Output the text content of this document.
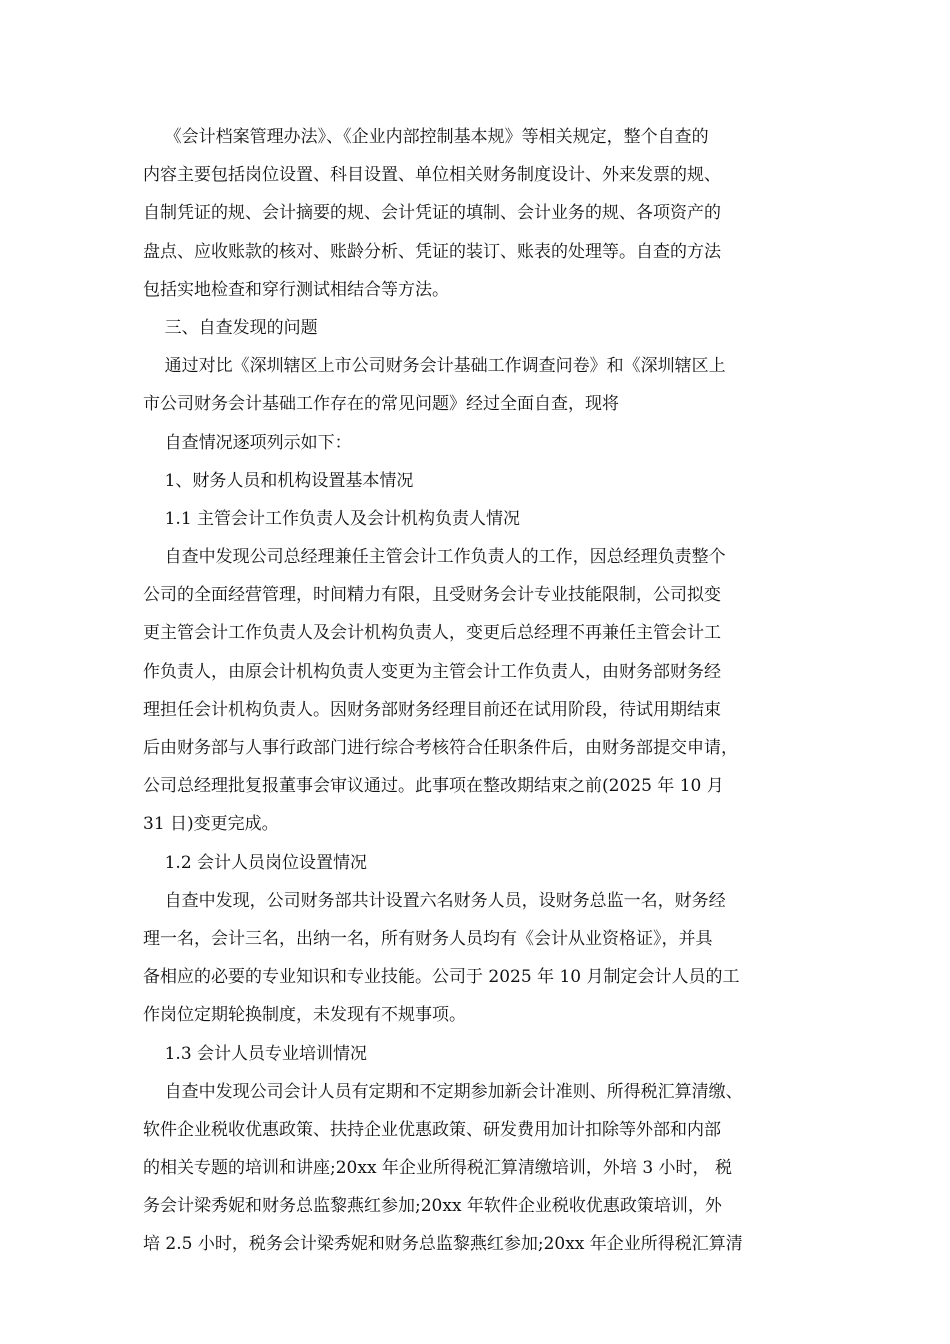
《会计档案管理办法》、《企业内部控制基本规》等相关规定，整个自查的
内容主要包括岗位设置、科目设置、单位相关财务制度设计、外来发票的规、
自制凭证的规、会计摘要的规、会计凭证的填制、会计业务的规、各项资产的
盘点、应收账款的核对、账龄分析、凭证的装订、账表的处理等。自查的方法
包括实地检查和穿行测试相结合等方法。
三、自查发现的问题
通过对比《深圳辖区上市公司财务会计基础工作调查问卷》和《深圳辖区上
市公司财务会计基础工作存在的常见问题》经过全面自查，现将
自查情况逐项列示如下：
1、财务人员和机构设置基本情况
1.1 主管会计工作负责人及会计机构负责人情况
自查中发现公司总经理兼任主管会计工作负责人的工作，因总经理负责整个
公司的全面经营管理，时间精力有限，且受财务会计专业技能限制，公司拟变
更主管会计工作负责人及会计机构负责人，变更后总经理不再兼任主管会计工
作负责人，由原会计机构负责人变更为主管会计工作负责人，由财务部财务经
理担任会计机构负责人。因财务部财务经理目前还在试用阶段，待试用期结束
后由财务部与人事行政部门进行综合考核符合任职条件后，由财务部提交申请，
公司总经理批复报董事会审议通过。此事项在整改期结束之前(2025 年 10 月
31 日)变更完成。
1.2 会计人员岗位设置情况
自查中发现，公司财务部共计设置六名财务人员，设财务总监一名，财务经
理一名，会计三名，出纳一名，所有财务人员均有《会计从业资格证》，并具
备相应的必要的专业知识和专业技能。公司于 2025 年 10 月制定会计人员的工
作岗位定期轮换制度，未发现有不规事项。
1.3 会计人员专业培训情况
自查中发现公司会计人员有定期和不定期参加新会计准则、所得税汇算清缴、
软件企业税收优惠政策、扶持企业优惠政策、研发费用加计扣除等外部和内部
的相关专题的培训和讲座;20xx 年企业所得税汇算清缴培训，外培 3 小时， 税
务会计梁秀妮和财务总监黎燕红参加;20xx 年软件企业税收优惠政策培训，外
培 2.5 小时，税务会计梁秀妮和财务总监黎燕红参加;20xx 年企业所得税汇算清
